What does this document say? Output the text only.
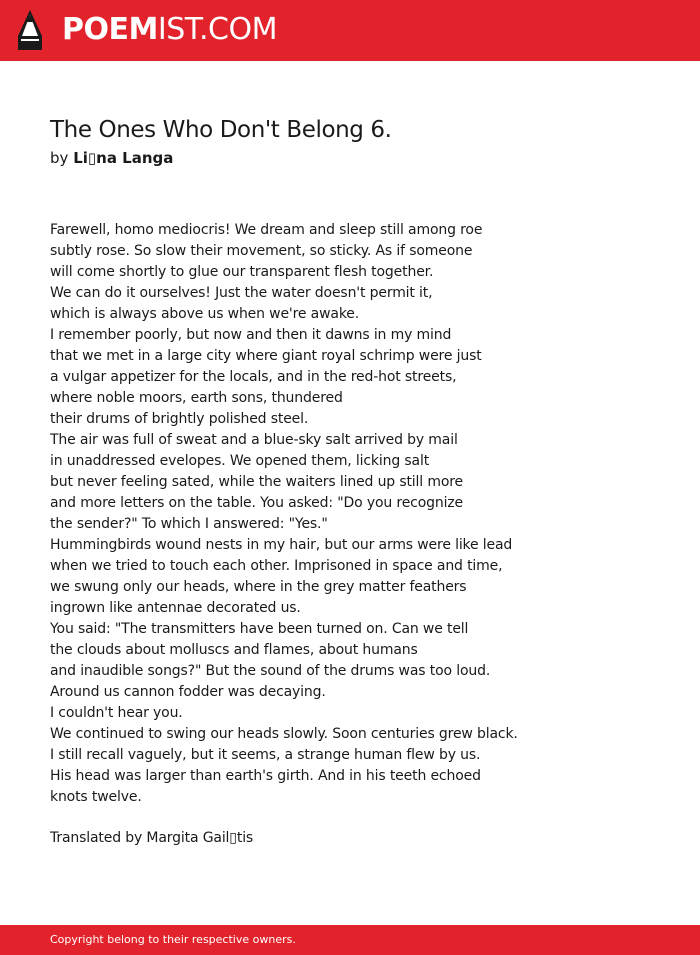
POEMIST.COM
The Ones Who Don't Belong 6.
by Li▯na Langa
Farewell, homo mediocris! We dream and sleep still among roe
subtly rose. So slow their movement, so sticky. As if someone
will come shortly to glue our transparent flesh together.
We can do it ourselves! Just the water doesn't permit it,
which is always above us when we're awake.
I remember poorly, but now and then it dawns in my mind
that we met in a large city where giant royal schrimp were just
a vulgar appetizer for the locals, and in the red-hot streets,
where noble moors, earth sons, thundered
their drums of brightly polished steel.
The air was full of sweat and a blue-sky salt arrived by mail
in unaddressed evelopes. We opened them, licking salt
but never feeling sated, while the waiters lined up still more
and more letters on the table. You asked: "Do you recognize
the sender?" To which I answered: "Yes."
Hummingbirds wound nests in my hair, but our arms were like lead
when we tried to touch each other. Imprisoned in space and time,
we swung only our heads, where in the grey matter feathers
ingrown like antennae decorated us.
You said: "The transmitters have been turned on. Can we tell
the clouds about molluscs and flames, about humans
and inaudible songs?" But the sound of the drums was too loud.
Around us cannon fodder was decaying.
I couldn't hear you.
We continued to swing our heads slowly. Soon centuries grew black.
I still recall vaguely, but it seems, a strange human flew by us.
His head was larger than earth's girth. And in his teeth echoed
knots twelve.
Translated by Margita Gail▯tis
Copyright belong to their respective owners.
